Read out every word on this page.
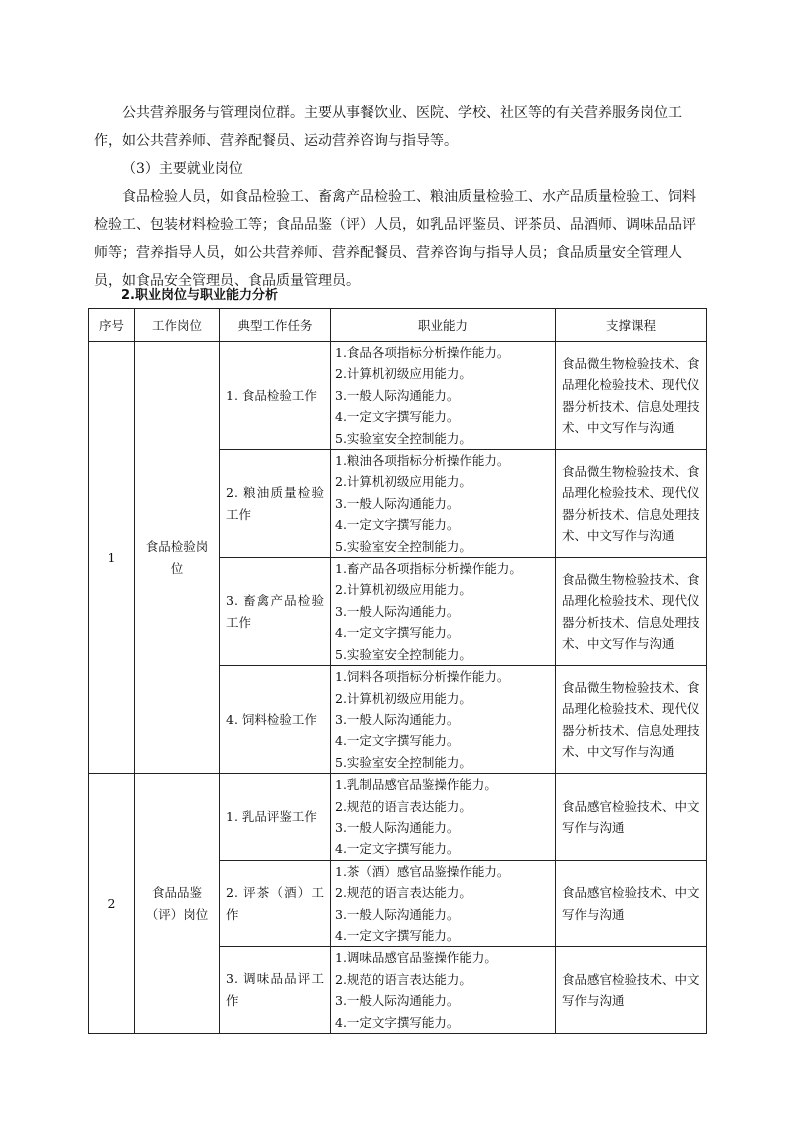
公共营养服务与管理岗位群。主要从事餐饮业、医院、学校、社区等的有关营养服务岗位工作，如公共营养师、营养配餐员、运动营养咨询与指导等。

（3）主要就业岗位

食品检验人员，如食品检验工、畜禽产品检验工、粮油质量检验工、水产品质量检验工、饲料检验工、包装材料检验工等；食品品鉴（评）人员，如乳品评鉴员、评茶员、品酒师、调味品品评师等；营养指导人员，如公共营养师、营养配餐员、营养咨询与指导人员；食品质量安全管理人员，如食品安全管理员、食品质量管理员。

2.职业岗位与职业能力分析
序号	工作岗位	典型工作任务	职业能力	支撑课程
1	食品检验岗位	1. 食品检验工作	1.食品各项指标分析操作能力。
2.计算机初级应用能力。
3.一般人际沟通能力。
4.一定文字撰写能力。
5.实验室安全控制能力。	食品微生物检验技术、食品理化检验技术、现代仪器分析技术、信息处理技术、中文写作与沟通
		2. 粮油质量检验工作	1.粮油各项指标分析操作能力。
2.计算机初级应用能力。
3.一般人际沟通能力。
4.一定文字撰写能力。
5.实验室安全控制能力。	食品微生物检验技术、食品理化检验技术、现代仪器分析技术、信息处理技术、中文写作与沟通
		3. 畜禽产品检验工作	1.畜产品各项指标分析操作能力。
2.计算机初级应用能力。
3.一般人际沟通能力。
4.一定文字撰写能力。
5.实验室安全控制能力。	食品微生物检验技术、食品理化检验技术、现代仪器分析技术、信息处理技术、中文写作与沟通
		4. 饲料检验工作	1.饲料各项指标分析操作能力。
2.计算机初级应用能力。
3.一般人际沟通能力。
4.一定文字撰写能力。
5.实验室安全控制能力。	食品微生物检验技术、食品理化检验技术、现代仪器分析技术、信息处理技术、中文写作与沟通
2	食品品鉴（评）岗位	1. 乳品评鉴工作	1.乳制品感官品鉴操作能力。
2.规范的语言表达能力。
3.一般人际沟通能力。
4.一定文字撰写能力。	食品感官检验技术、中文写作与沟通
		2. 评茶（酒）工作	1.茶（酒）感官品鉴操作能力。
2.规范的语言表达能力。
3.一般人际沟通能力。
4.一定文字撰写能力。	食品感官检验技术、中文写作与沟通
		3. 调味品品评工作	1.调味品感官品鉴操作能力。
2.规范的语言表达能力。
3.一般人际沟通能力。
4.一定文字撰写能力。	食品感官检验技术、中文写作与沟通
